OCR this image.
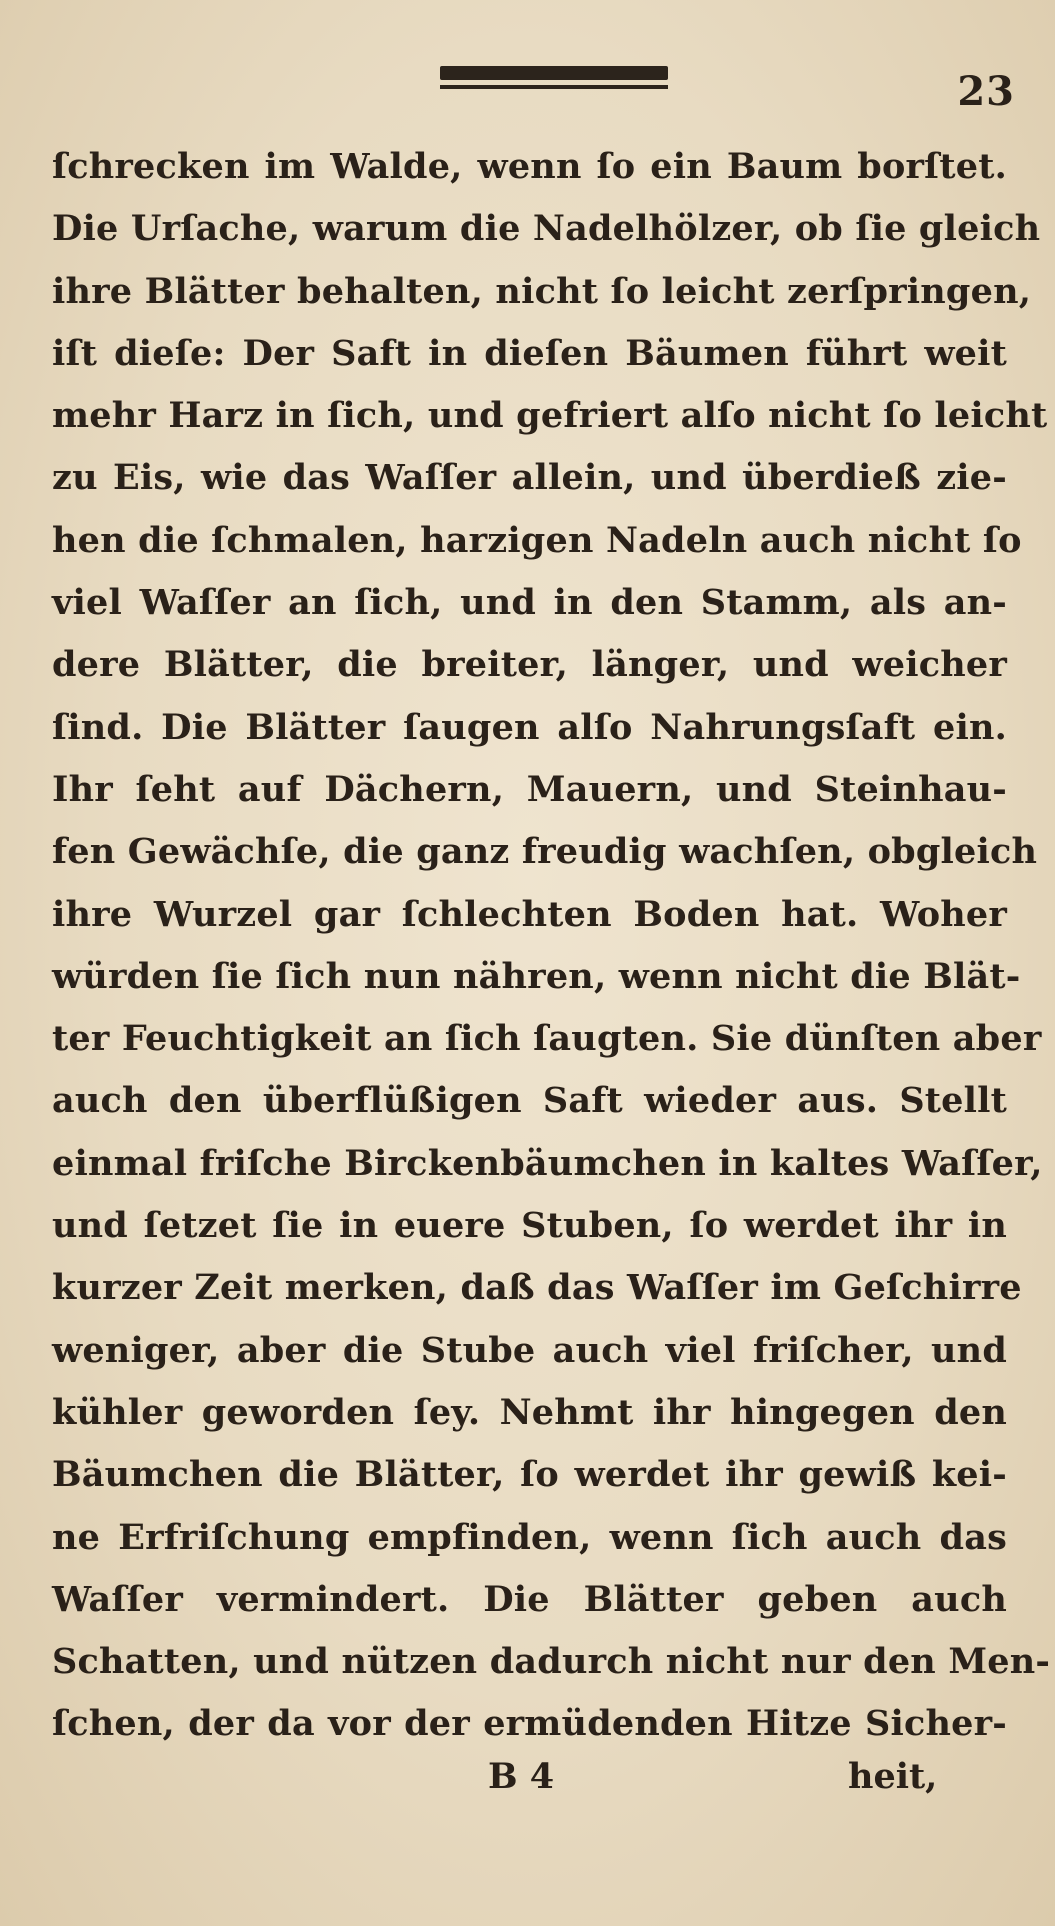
23
ſchrecken im Walde, wenn ſo ein Baum borſtet.
Die Urſache, warum die Nadelhölzer, ob ſie gleich
ihre Blätter behalten, nicht ſo leicht zerſpringen,
iſt dieſe: Der Saft in dieſen Bäumen führt weit
mehr Harz in ſich, und gefriert alſo nicht ſo leicht
zu Eis, wie das Waſſer allein, und überdieß zie-
hen die ſchmalen, harzigen Nadeln auch nicht ſo
viel Waſſer an ſich, und in den Stamm, als an-
dere Blätter, die breiter, länger, und weicher
ſind. Die Blätter ſaugen alſo Nahrungsſaft ein.
Ihr ſeht auf Dächern, Mauern, und Steinhau-
fen Gewächſe, die ganz freudig wachſen, obgleich
ihre Wurzel gar ſchlechten Boden hat. Woher
würden ſie ſich nun nähren, wenn nicht die Blät-
ter Feuchtigkeit an ſich ſaugten. Sie dünſten aber
auch den überflüßigen Saft wieder aus. Stellt
einmal friſche Birckenbäumchen in kaltes Waſſer,
und ſetzet ſie in euere Stuben, ſo werdet ihr in
kurzer Zeit merken, daß das Waſſer im Geſchirre
weniger, aber die Stube auch viel friſcher, und
kühler geworden ſey. Nehmt ihr hingegen den
Bäumchen die Blätter, ſo werdet ihr gewiß kei-
ne Erfriſchung empfinden, wenn ſich auch das
Waſſer vermindert. Die Blätter geben auch
Schatten, und nützen dadurch nicht nur den Men-
ſchen, der da vor der ermüdenden Hitze Sicher-
B 4	heit,
